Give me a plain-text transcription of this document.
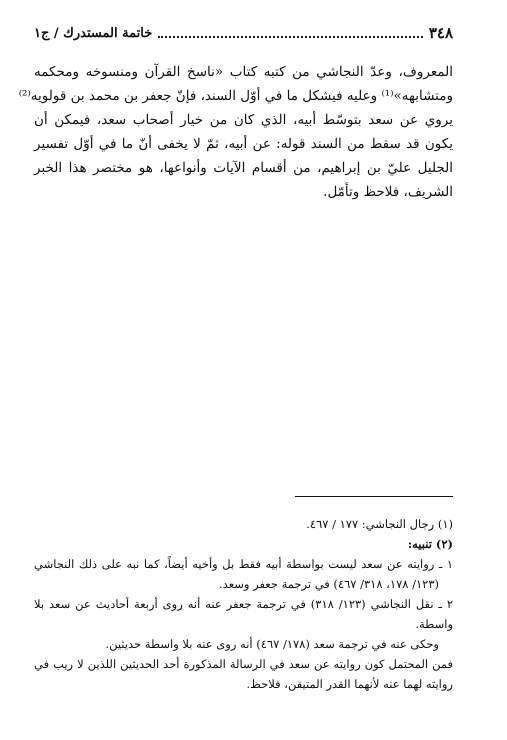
٣٤٨
خاتمة المستدرك / ج١

المعروف، وعدّ النجاشي من كتبه كتاب «ناسخ القرآن ومنسوخه ومحكمه
ومتشابهه»⁽¹⁾ وعليه فيشكل ما في أوّل السند، فإنّ جعفر بن محمد بن قولويه⁽²⁾
يروي عن سعد بتوسّط أبيه، الذي كان من خيار أصحاب سعد، فيمكن أن
يكون قد سقط من السند قوله: عن أبيه، ثمّ لا يخفى أنّ ما في أوّل تفسير
الجليل عليّ بن إبراهيم، من أقسام الآيات وأنواعها، هو مختصر هذا الخبر
الشريف، فلاحظ وتأمّل.

(١) رجال النجاشي: ١٧٧ / ٤٦٧.
(٢) تنبيه:
١ ـ روايته عن سعد ليست بواسطة أبيه فقط بل وأخيه أيضاً، كما نبه على ذلك النجاشي
(١٢٣/ ١٧٨، ٣١٨/ ٤٦٧) في ترجمة جعفر وسعد.
٢ ـ نقل النجاشي (١٢٣/ ٣١٨) في ترجمة جعفر عنه أنه روى أربعة أحاديث عن سعد بلا
واسطة.
وحكى عنه في ترجمة سعد (١٧٨/ ٤٦٧) أنه روى عنه بلا واسطة حديثين.
فمن المحتمل كون روايته عن سعد في الرسالة المذكورة أحد الحديثين اللذين لا ريب في
روايته لهما عنه لأنهما القدر المتيقن، فلاحظ.
